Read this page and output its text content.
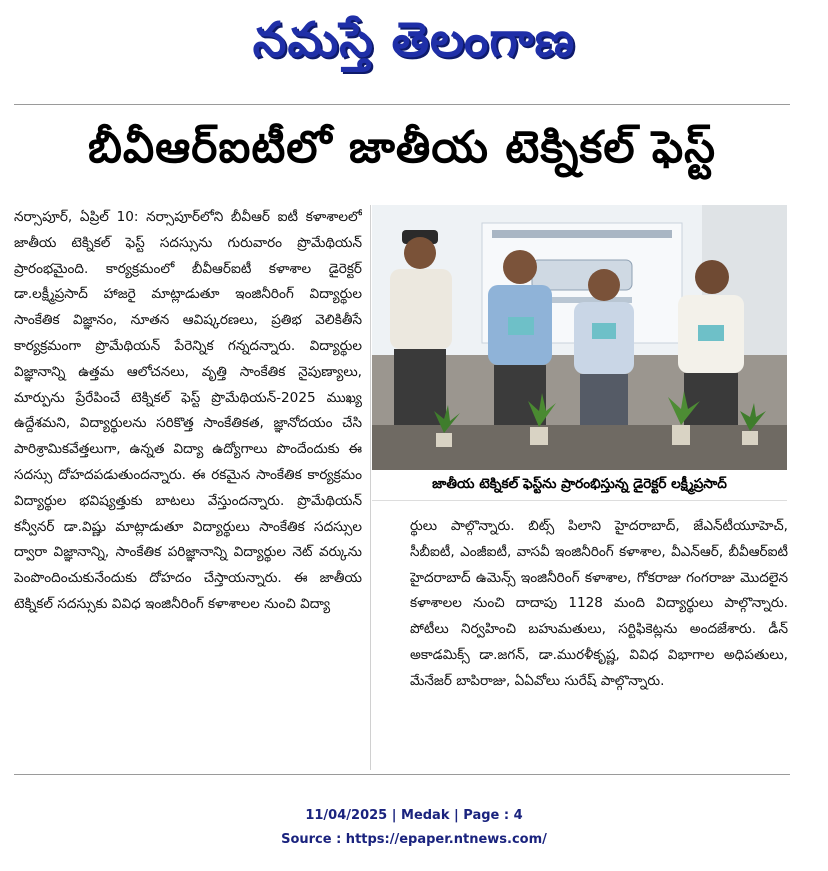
నమస్తే తెలంగాణ
బీవీఆర్‌ఐటీలో జాతీయ టెక్నికల్ ఫెస్ట్
నర్సాపూర్, ఏప్రిల్ 10: నర్సాపూర్‌లోని బీవీఆర్ ఐటీ కళాశాలలో జాతీయ టెక్నికల్ ఫెస్ట్ సదస్సును గురువారం ప్రొమేథియన్ ప్రారంభమైంది. కార్యక్రమంలో బీవీఆర్‌ఐటీ కళాశాల డైరెక్టర్ డా.లక్ష్మీప్రసాద్ హాజరై మాట్లాడుతూ ఇంజినీరింగ్ విద్యార్థుల సాంకేతిక విజ్ఞానం, నూతన ఆవిష్కరణలు, ప్రతిభ వెలికితీసే కార్యక్రమంగా ప్రొమేథియన్ పేరెన్నిక గన్నదన్నారు. విద్యార్థుల విజ్ఞానాన్ని ఉత్తమ ఆలోచనలు, వృత్తి సాంకేతిక నైపుణ్యాలు, మార్పును ప్రేరేపించే టెక్నికల్ ఫెస్ట్ ప్రొమేథియన్-2025 ముఖ్య ఉద్దేశమని, విద్యార్థులను సరికొత్త సాంకేతికత, జ్ఞానోదయం చేసి పారిశ్రామికవేత్తలుగా, ఉన్నత విద్యా ఉద్యోగాలు పొందేందుకు ఈ సదస్సు దోహదపడుతుందన్నారు. ఈ రకమైన సాంకేతిక కార్యక్రమం విద్యార్థుల భవిష్యత్తుకు బాటలు వేస్తుందన్నారు. ప్రొమేథియన్ కన్వీనర్ డా.విష్ణు మాట్లాడుతూ విద్యార్థులు సాంకేతిక సదస్సుల ద్వారా విజ్ఞానాన్ని, సాంకేతిక పరిజ్ఞానాన్ని విద్యార్థుల నెట్ వర్కును పెంపొందించుకునేందుకు దోహదం చేస్తాయన్నారు. ఈ జాతీయ టెక్నికల్ సదస్సుకు వివిధ ఇంజినీరింగ్ కళాశాలల నుంచి విద్యా
జాతీయ టెక్నికల్ ఫెస్ట్‌ను ప్రారంభిస్తున్న డైరెక్టర్ లక్ష్మీప్రసాద్
ర్థులు పాల్గొన్నారు. బిట్స్ పిలాని హైదరాబాద్, జేఎన్‌టీయూహెచ్, సీబీఐటీ, ఎంజీఐటీ, వాసవీ ఇంజినీరింగ్ కళాశాల, వీఎన్ఆర్, బీవీఆర్‌ఐటీ హైదరాబాద్ ఉమెన్స్ ఇంజినీరింగ్ కళాశాల, గోకరాజు గంగరాజు మొదలైన కళాశాలల నుంచి దాదాపు 1128 మంది విద్యార్థులు పాల్గొన్నారు. పోటీలు నిర్వహించి బహుమతులు, సర్టిఫికెట్లను అందజేశారు. డీన్ అకాడమిక్స్ డా.జగన్, డా.మురళీకృష్ణ, వివిధ విభాగాల అధిపతులు, మేనేజర్ బాపిరాజు, ఏఏవోలు సురేష్ పాల్గొన్నారు.
11/04/2025 | Medak | Page : 4
Source : https://epaper.ntnews.com/
